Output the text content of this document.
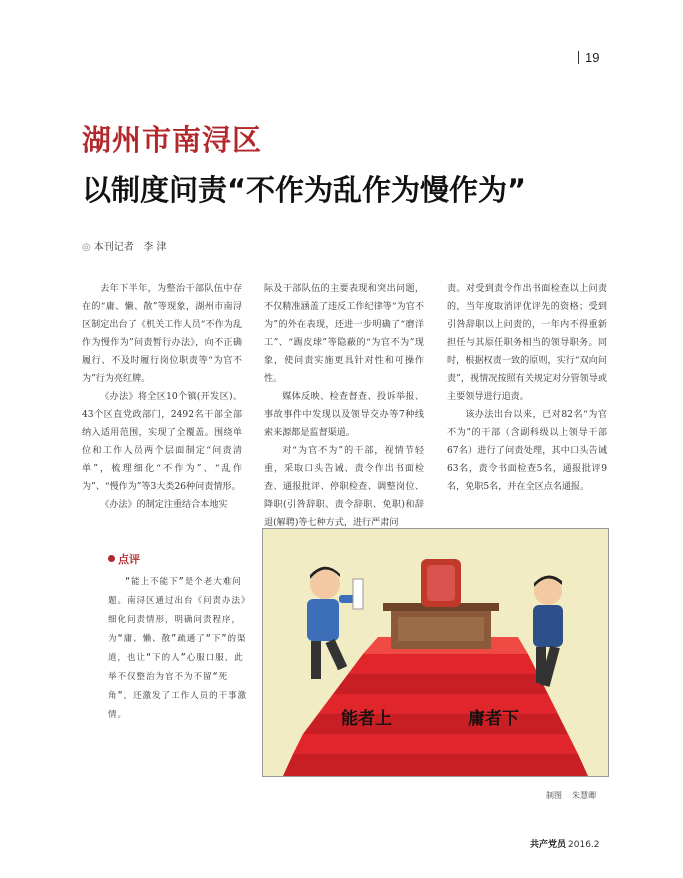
19
湖州市南浔区
以制度问责“不作为乱作为慢作为”
◎ 本刊记者 李 津

去年下半年，为整治干部队伍中存在的“庸、懒、散”等现象，湖州市南浔区制定出台了《机关工作人员“不作为乱作为慢作为”问责暂行办法》，向不正确履行、不及时履行岗位职责等“为官不为”行为亮红牌。

《办法》将全区10个镇(开发区)、43个区直党政部门，2492名干部全部纳入适用范围，实现了全覆盖。围绕单位和工作人员两个层面制定“问责清单”，梳理细化“不作为”、“乱作为”、“慢作为”等3大类26种问责情形。

《办法》的制定注重结合本地实

际及干部队伍的主要表现和突出问题，不仅精准涵盖了违反工作纪律等“为官不为”的外在表现，还进一步明确了“磨洋工”、“踢皮球”等隐蔽的“为官不为”现象，使问责实施更具针对性和可操作性。

媒体反映、检查督查、投诉举报、事故事件中发现以及领导交办等7种线索来源都是监督渠道。

对“为官不为”的干部，视情节轻重，采取口头告诫、责令作出书面检查、通报批评、停职检查、调整岗位、降职(引咎辞职、责令辞职、免职)和辞退(解聘)等七种方式，进行严肃问

责。对受到责令作出书面检查以上问责的，当年度取消评优评先的资格；受到引咎辞职以上问责的，一年内不得重新担任与其原任职务相当的领导职务。同时，根据权责一致的原则，实行“双向问责”，视情况按照有关规定对分管领导或主要领导进行追责。

该办法出台以来，已对82名“为官不为”的干部（含副科级以上领导干部67名）进行了问责处理，其中口头告诫63名，责令书面检查5名，通报批评9名，免职5名，并在全区点名通报。

点评

“能上不能下”是个老大难问题。南浔区通过出台《问责办法》细化问责情形，明确问责程序，为“庸、懒、散”疏通了“下”的渠道，也让“下的人”心服口服，此举不仅整治为官不为不留“死角”，还激发了工作人员的干事激情。	能者上	庸者下
制图 朱慧卿
共产党员 2016.2
